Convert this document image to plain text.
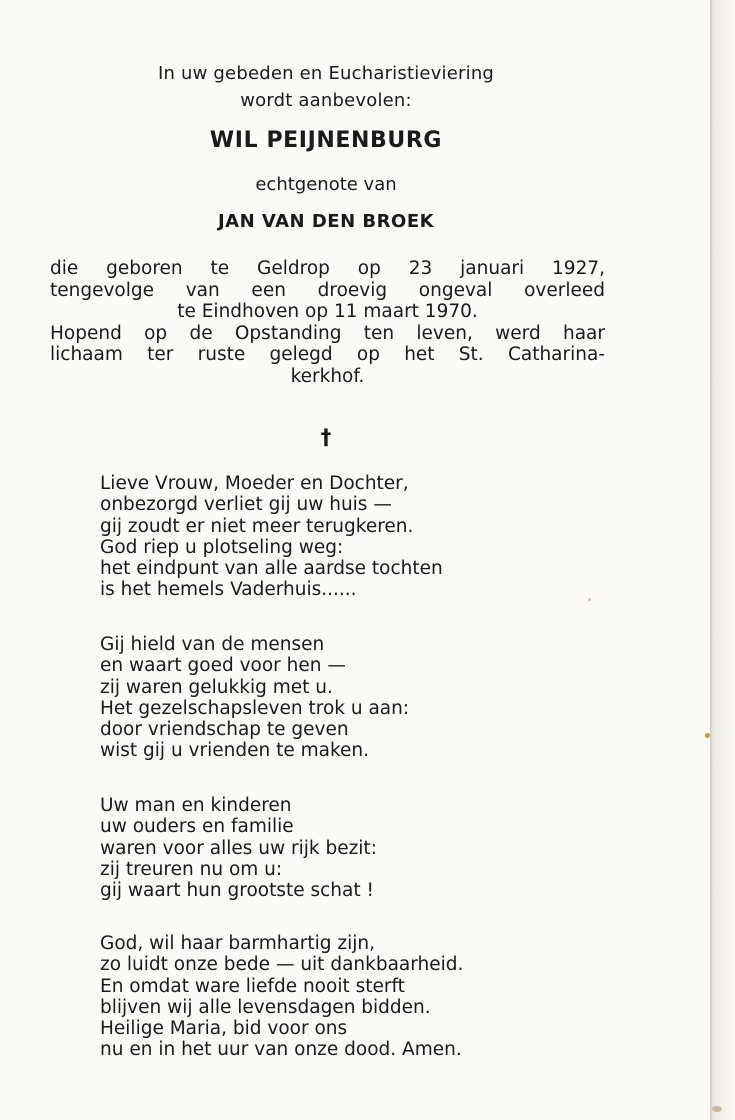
In uw gebeden en Eucharistieviering
wordt aanbevolen:
WIL PEIJNENBURG
echtgenote van
JAN VAN DEN BROEK
die geboren te Geldrop op 23 januari 1927,
tengevolge van een droevig ongeval overleed
te Eindhoven op 11 maart 1970.
Hopend op de Opstanding ten leven, werd haar
lichaam ter ruste gelegd op het St. Catharina-
kerkhof.
†
Lieve Vrouw, Moeder en Dochter,
onbezorgd verliet gij uw huis —
gij zoudt er niet meer terugkeren.
God riep u plotseling weg:
het eindpunt van alle aardse tochten
is het hemels Vaderhuis......
Gij hield van de mensen
en waart goed voor hen —
zij waren gelukkig met u.
Het gezelschapsleven trok u aan:
door vriendschap te geven
wist gij u vrienden te maken.
Uw man en kinderen
uw ouders en familie
waren voor alles uw rijk bezit:
zij treuren nu om u:
gij waart hun grootste schat !
God, wil haar barmhartig zijn,
zo luidt onze bede — uit dankbaarheid.
En omdat ware liefde nooit sterft
blijven wij alle levensdagen bidden.
Heilige Maria, bid voor ons
nu en in het uur van onze dood. Amen.
